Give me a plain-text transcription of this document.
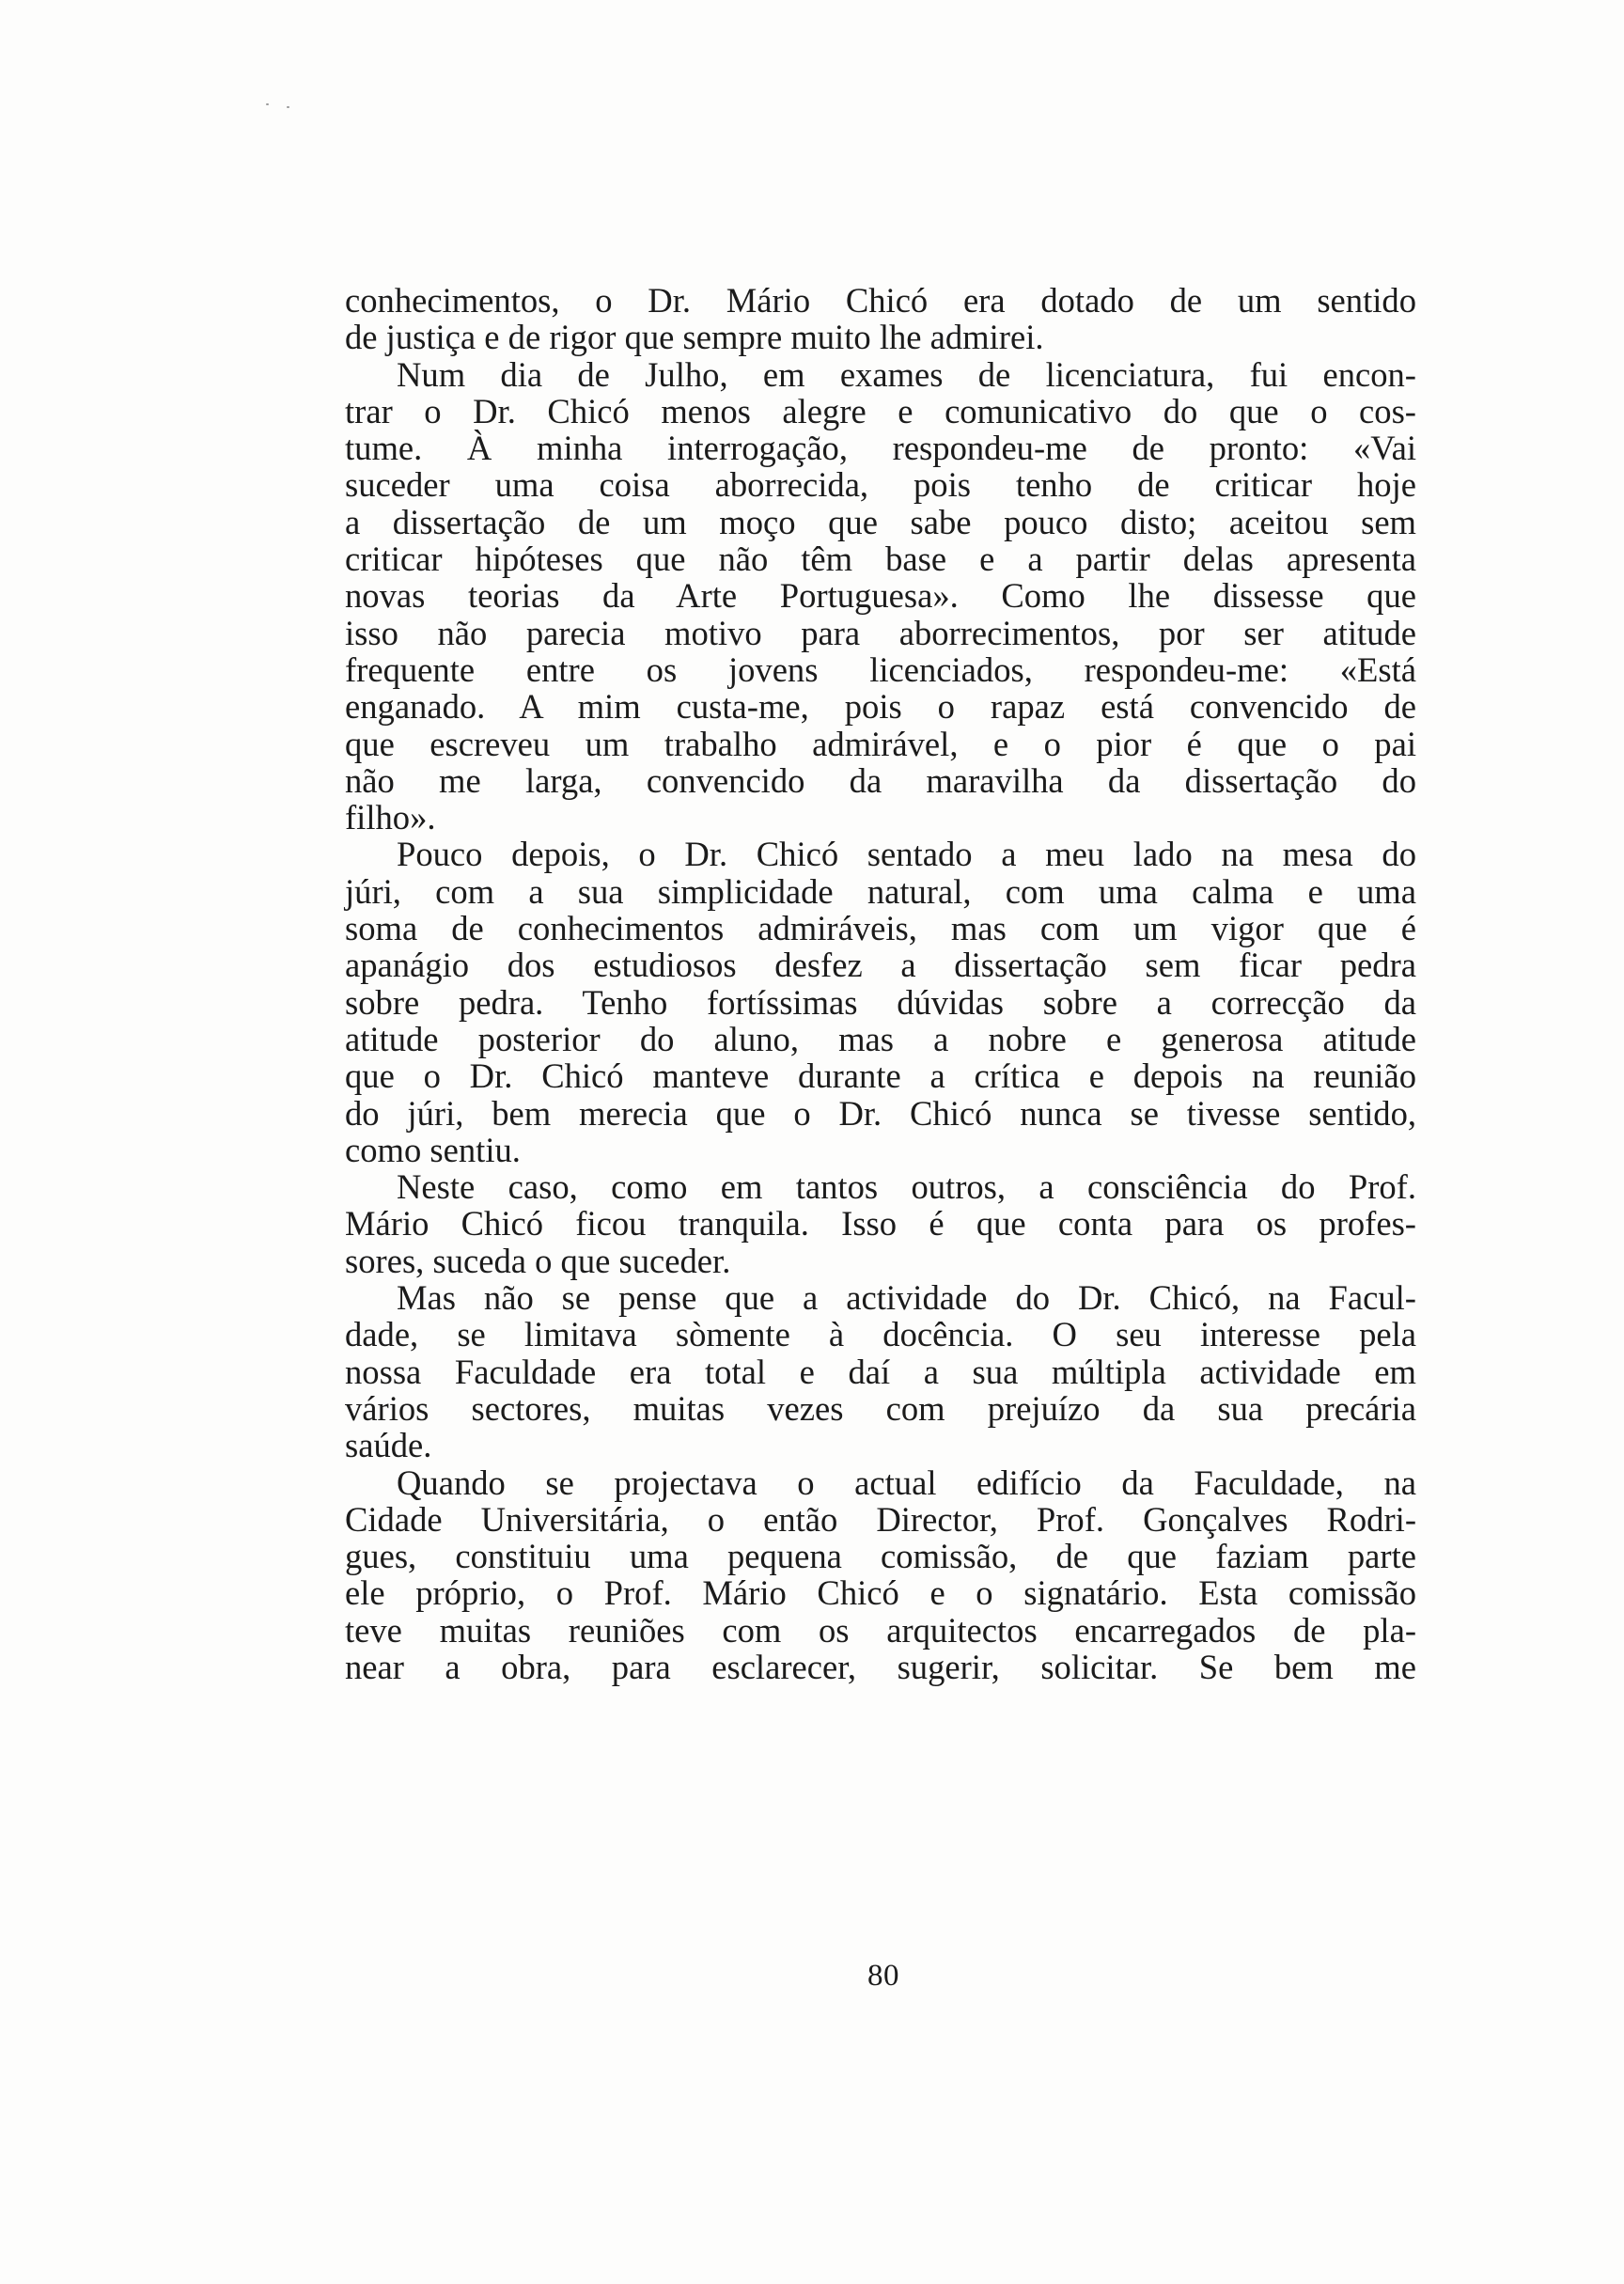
conhecimentos, o Dr. Mário Chicó era dotado de um sentido
de justiça e de rigor que sempre muito lhe admirei.
Num dia de Julho, em exames de licenciatura, fui encon-
trar o Dr. Chicó menos alegre e comunicativo do que o cos-
tume. À minha interrogação, respondeu-me de pronto: «Vai
suceder uma coisa aborrecida, pois tenho de criticar hoje
a dissertação de um moço que sabe pouco disto; aceitou sem
criticar hipóteses que não têm base e a partir delas apresenta
novas teorias da Arte Portuguesa». Como lhe dissesse que
isso não parecia motivo para aborrecimentos, por ser atitude
frequente entre os jovens licenciados, respondeu-me: «Está
enganado. A mim custa-me, pois o rapaz está convencido de
que escreveu um trabalho admirável, e o pior é que o pai
não me larga, convencido da maravilha da dissertação do
filho».
Pouco depois, o Dr. Chicó sentado a meu lado na mesa do
júri, com a sua simplicidade natural, com uma calma e uma
soma de conhecimentos admiráveis, mas com um vigor que é
apanágio dos estudiosos desfez a dissertação sem ficar pedra
sobre pedra. Tenho fortíssimas dúvidas sobre a correcção da
atitude posterior do aluno, mas a nobre e generosa atitude
que o Dr. Chicó manteve durante a crítica e depois na reunião
do júri, bem merecia que o Dr. Chicó nunca se tivesse sentido,
como sentiu.
Neste caso, como em tantos outros, a consciência do Prof.
Mário Chicó ficou tranquila. Isso é que conta para os profes-
sores, suceda o que suceder.
Mas não se pense que a actividade do Dr. Chicó, na Facul-
dade, se limitava sòmente à docência. O seu interesse pela
nossa Faculdade era total e daí a sua múltipla actividade em
vários sectores, muitas vezes com prejuízo da sua precária
saúde.
Quando se projectava o actual edifício da Faculdade, na
Cidade Universitária, o então Director, Prof. Gonçalves Rodri-
gues, constituiu uma pequena comissão, de que faziam parte
ele próprio, o Prof. Mário Chicó e o signatário. Esta comissão
teve muitas reuniões com os arquitectos encarregados de pla-
near a obra, para esclarecer, sugerir, solicitar. Se bem me
80
